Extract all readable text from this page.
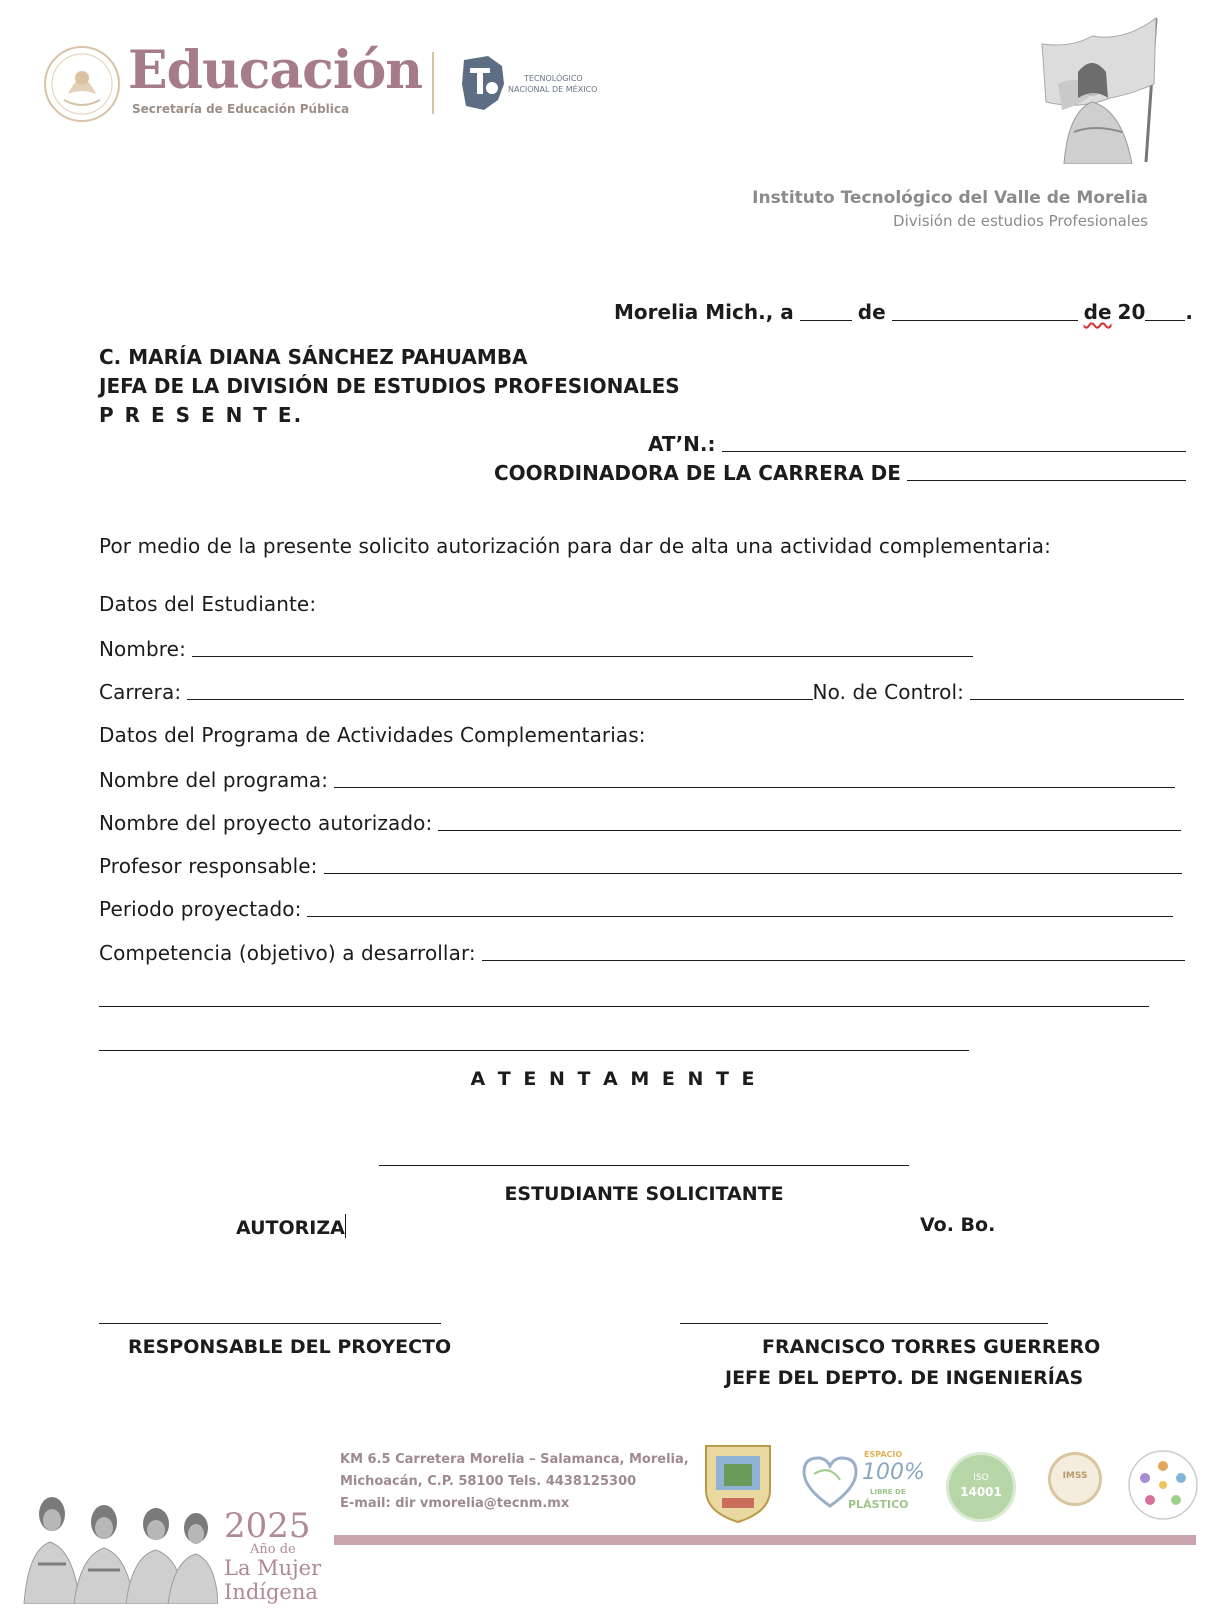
Educación
Secretaría de Educación Pública
TECNOLÓGICO
NACIONAL DE MÉXICO
Instituto Tecnológico del Valle de Morelia
División de estudios Profesionales
Morelia Mich., a	de	de 20 .
C. MARÍA DIANA SÁNCHEZ PAHUAMBA
JEFA DE LA DIVISIÓN DE ESTUDIOS PROFESIONALES
P R E S E N T E.
AT’N.:
COORDINADORA DE LA CARRERA DE
Por medio de la presente solicito autorización para dar de alta una actividad complementaria:
Datos del Estudiante:
Nombre:
Carrera:	No. de Control:
Datos del Programa de Actividades Complementarias:
Nombre del programa:
Nombre del proyecto autorizado:
Profesor responsable:
Periodo proyectado:
Competencia (objetivo) a desarrollar:
A T E N T A M E N T E
ESTUDIANTE SOLICITANTE
AUTORIZA	Vo. Bo.
RESPONSABLE DEL PROYECTO	FRANCISCO TORRES GUERRERO
JEFE DEL DEPTO. DE INGENIERÍAS
2025
Año de
La Mujer
Indígena
KM 6.5 Carretera Morelia – Salamanca, Morelia,
Michoacán, C.P. 58100 Tels. 4438125300
E-mail: dir vmorelia@tecnm.mx
ESPACIO
100%
LIBRE DE
PLÁSTICO
ISO
14001
IMSS
